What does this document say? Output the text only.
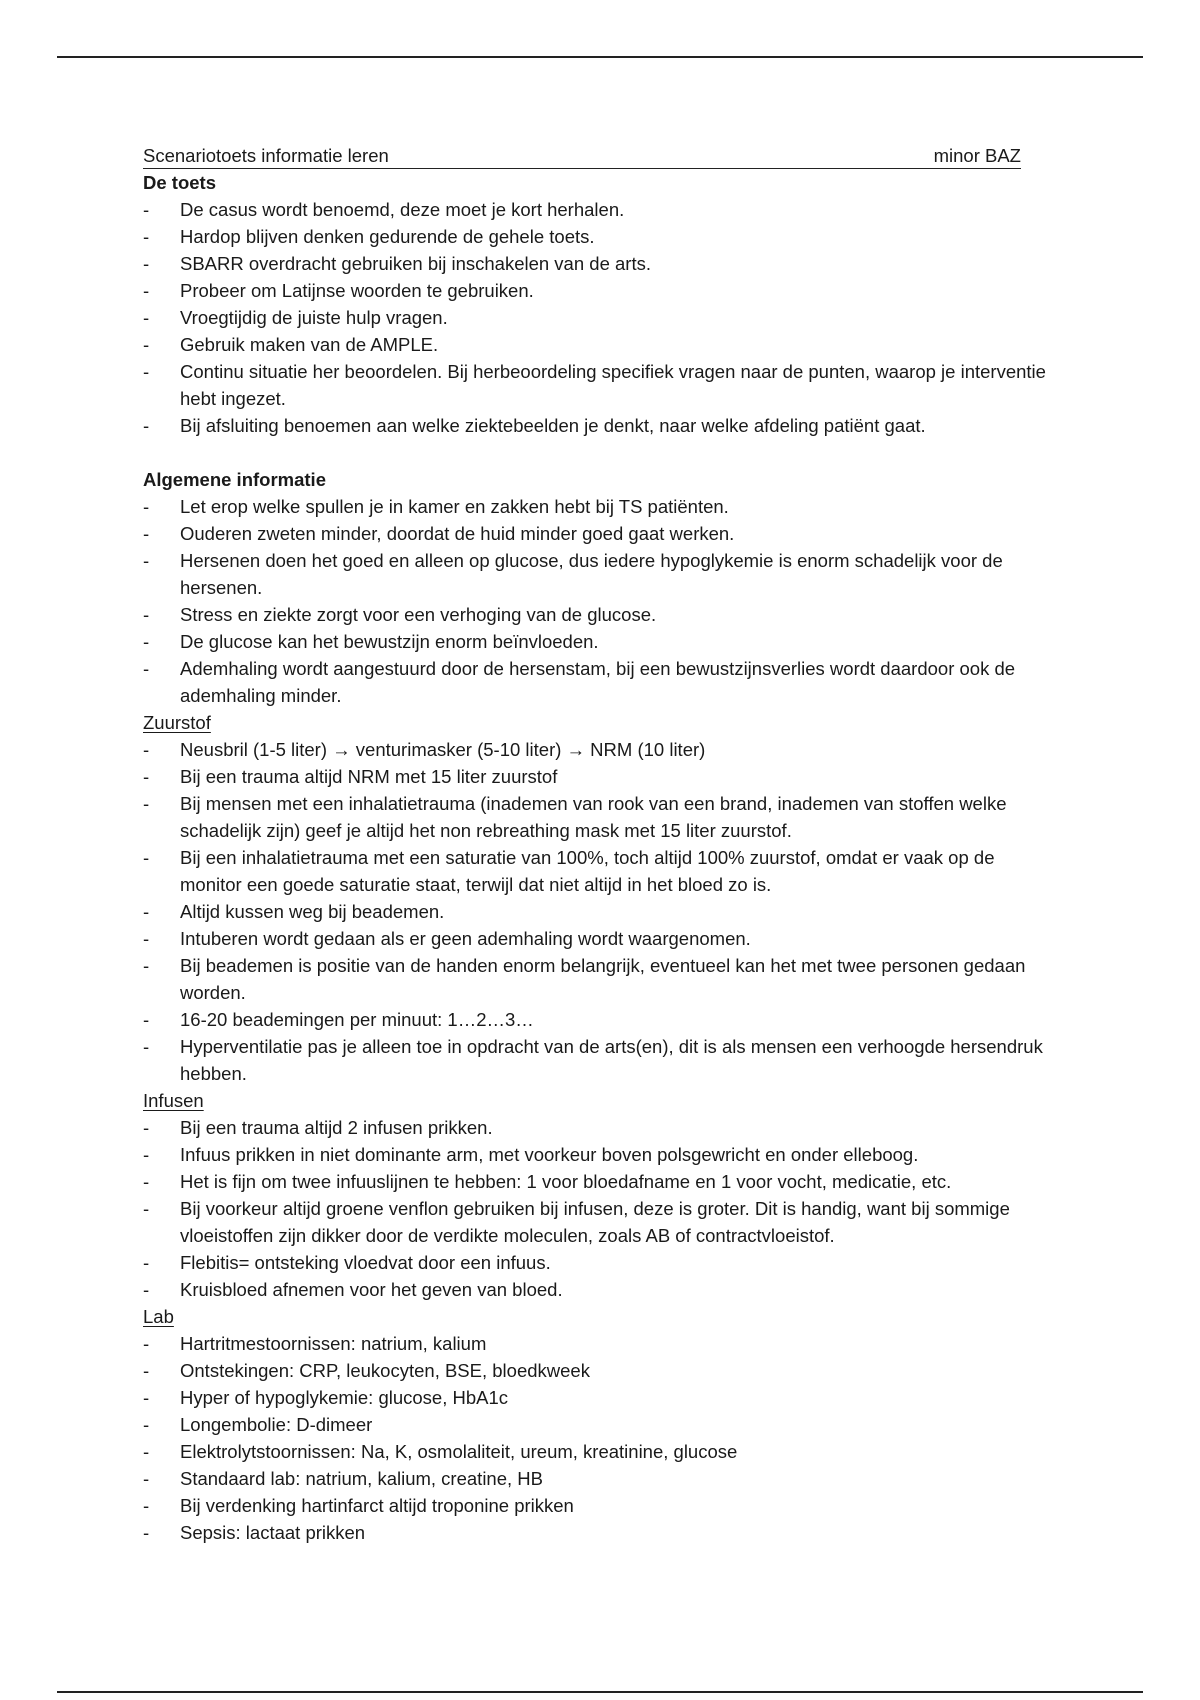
Scenariotoets informatie leren	minor BAZ
De toets
-	De casus wordt benoemd, deze moet je kort herhalen.
-	Hardop blijven denken gedurende de gehele toets.
-	SBARR overdracht gebruiken bij inschakelen van de arts.
-	Probeer om Latijnse woorden te gebruiken.
-	Vroegtijdig de juiste hulp vragen.
-	Gebruik maken van de AMPLE.
-	Continu situatie her beoordelen. Bij herbeoordeling specifiek vragen naar de punten, waarop je interventie hebt ingezet.
-	Bij afsluiting benoemen aan welke ziektebeelden je denkt, naar welke afdeling patiënt gaat.
Algemene informatie
-	Let erop welke spullen je in kamer en zakken hebt bij TS patiënten.
-	Ouderen zweten minder, doordat de huid minder goed gaat werken.
-	Hersenen doen het goed en alleen op glucose, dus iedere hypoglykemie is enorm schadelijk voor de hersenen.
-	Stress en ziekte zorgt voor een verhoging van de glucose.
-	De glucose kan het bewustzijn enorm beïnvloeden.
-	Ademhaling wordt aangestuurd door de hersenstam, bij een bewustzijnsverlies wordt daardoor ook de ademhaling minder.
Zuurstof
-	Neusbril (1-5 liter) → venturimasker (5-10 liter) → NRM (10 liter)
-	Bij een trauma altijd NRM met 15 liter zuurstof
-	Bij mensen met een inhalatietrauma (inademen van rook van een brand, inademen van stoffen welke schadelijk zijn) geef je altijd het non rebreathing mask met 15 liter zuurstof.
-	Bij een inhalatietrauma met een saturatie van 100%, toch altijd 100% zuurstof, omdat er vaak op de monitor een goede saturatie staat, terwijl dat niet altijd in het bloed zo is.
-	Altijd kussen weg bij beademen.
-	Intuberen wordt gedaan als er geen ademhaling wordt waargenomen.
-	Bij beademen is positie van de handen enorm belangrijk, eventueel kan het met twee personen gedaan worden.
-	16-20 beademingen per minuut: 1…2…3…
-	Hyperventilatie pas je alleen toe in opdracht van de arts(en), dit is als mensen een verhoogde hersendruk hebben.
Infusen
-	Bij een trauma altijd 2 infusen prikken.
-	Infuus prikken in niet dominante arm, met voorkeur boven polsgewricht en onder elleboog.
-	Het is fijn om twee infuuslijnen te hebben: 1 voor bloedafname en 1 voor vocht, medicatie, etc.
-	Bij voorkeur altijd groene venflon gebruiken bij infusen, deze is groter. Dit is handig, want bij sommige vloeistoffen zijn dikker door de verdikte moleculen, zoals AB of contractvloeistof.
-	Flebitis= ontsteking vloedvat door een infuus.
-	Kruisbloed afnemen voor het geven van bloed.
Lab
-	Hartritmestoornissen: natrium, kalium
-	Ontstekingen: CRP, leukocyten, BSE, bloedkweek
-	Hyper of hypoglykemie: glucose, HbA1c
-	Longembolie: D-dimeer
-	Elektrolytstoornissen: Na, K, osmolaliteit, ureum, kreatinine, glucose
-	Standaard lab: natrium, kalium, creatine, HB
-	Bij verdenking hartinfarct altijd troponine prikken
-	Sepsis: lactaat prikken
